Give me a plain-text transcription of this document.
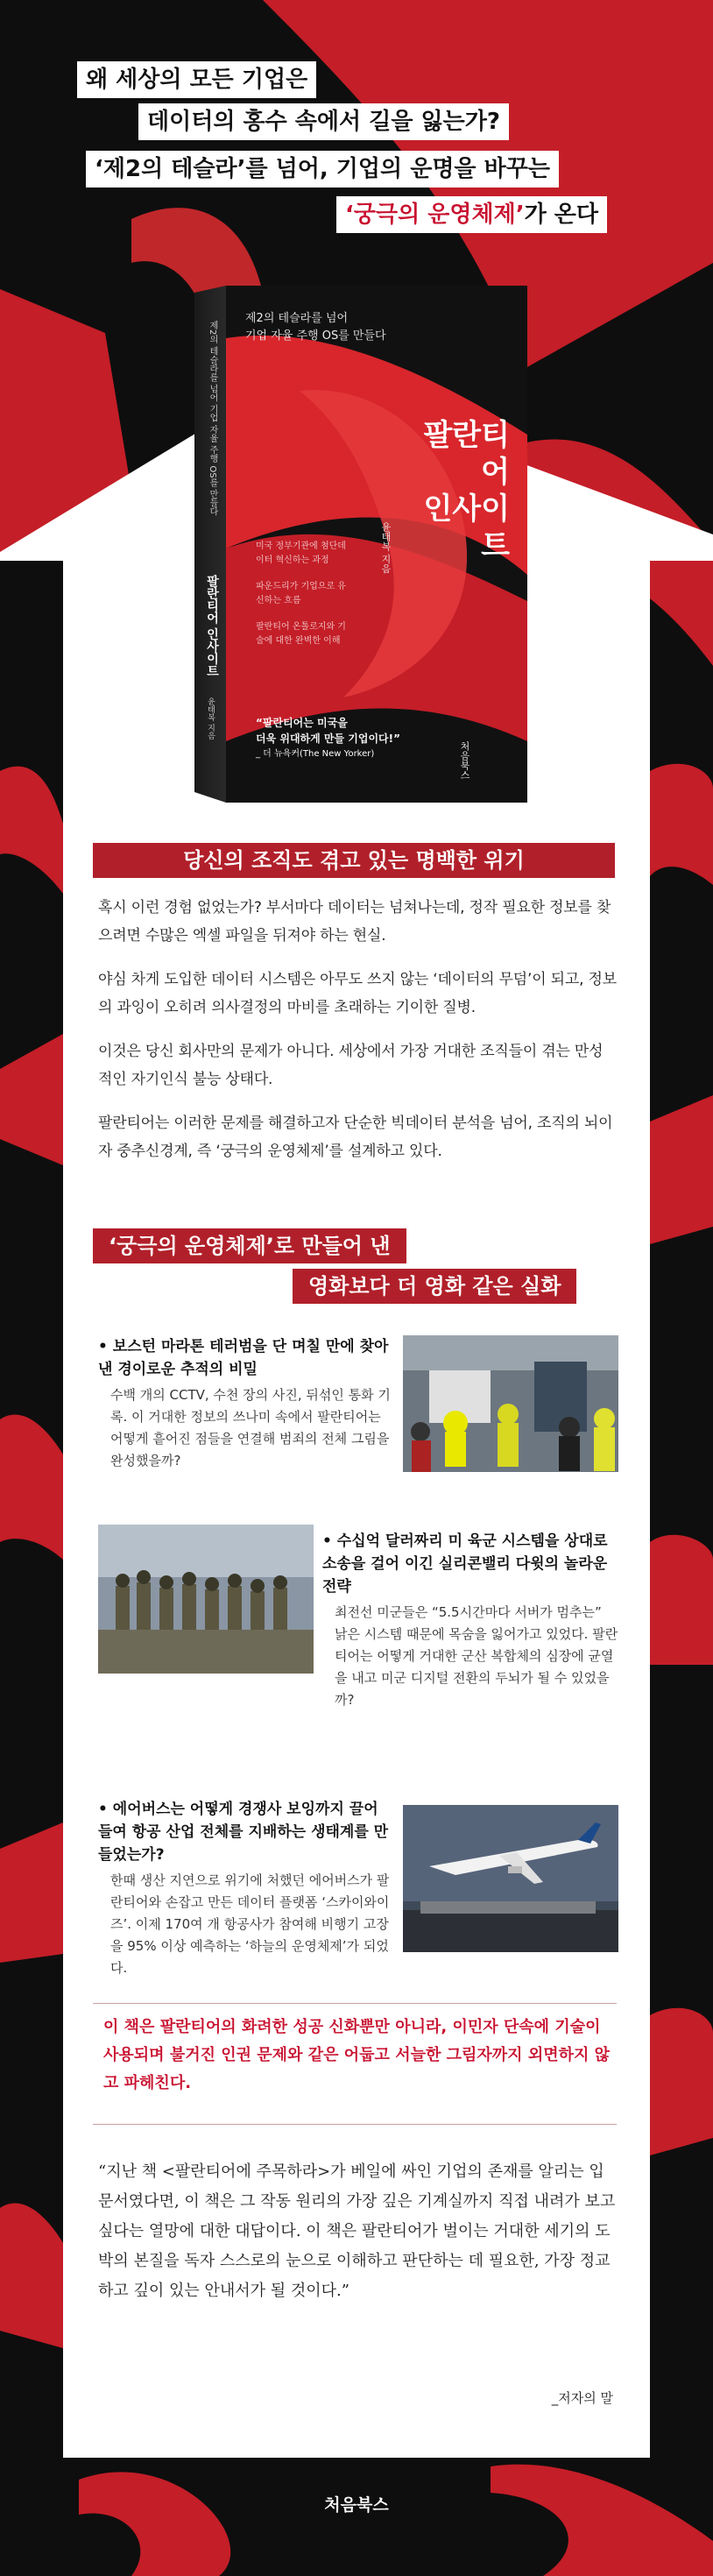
왜 세상의 모든 기업은
데이터의 홍수 속에서 길을 잃는가?
‘제2의 테슬라’를 넘어, 기업의 운명을 바꾸는
‘궁극의 운영체제’가 온다
제2의 테슬라를 넘어
기업 자율 주행 OS를 만들다
팔란티어
인사이트
미국 정부기관에 첨단데이터 혁신하는 과정
파운드리가 기업으로 유신하는 흐름
팔란티어 온톨로지와 기술에 대한 완벽한 이해
윤태복 지음
“팔란티어는 미국을
더욱 위대하게 만들 기업이다!”
_ 더 뉴욕커(The New Yorker)	처음북스
제2의 테슬라를 넘어 기업 자율 주행 OS를 만들다
팔란티어 인사이트
윤태복 지음
당신의 조직도 겪고 있는 명백한 위기

혹시 이런 경험 없었는가? 부서마다 데이터는 넘쳐나는데, 정작 필요한 정보를 찾으려면 수많은 엑셀 파일을 뒤져야 하는 현실.

야심 차게 도입한 데이터 시스템은 아무도 쓰지 않는 ‘데이터의 무덤’이 되고, 정보의 과잉이 오히려 의사결정의 마비를 초래하는 기이한 질병.

이것은 당신 회사만의 문제가 아니다. 세상에서 가장 거대한 조직들이 겪는 만성적인 자기인식 불능 상태다.

팔란티어는 이러한 문제를 해결하고자 단순한 빅데이터 분석을 넘어, 조직의 뇌이자 중추신경계, 즉 ‘궁극의 운영체제’를 설계하고 있다.

‘궁극의 운영체제’로 만들어 낸
영화보다 더 영화 같은 실화
• 보스턴 마라톤 테러범을 단 며칠 만에 찾아낸 경이로운 추적의 비밀
수백 개의 CCTV, 수천 장의 사진, 뒤섞인 통화 기록. 이 거대한 정보의 쓰나미 속에서 팔란티어는 어떻게 흩어진 점들을 연결해 범죄의 전체 그림을 완성했을까?
• 수십억 달러짜리 미 육군 시스템을 상대로 소송을 걸어 이긴 실리콘밸리 다윗의 놀라운 전략
최전선 미군들은 “5.5시간마다 서버가 멈추는” 낡은 시스템 때문에 목숨을 잃어가고 있었다. 팔란티어는 어떻게 거대한 군산 복합체의 심장에 균열을 내고 미군 디지털 전환의 두뇌가 될 수 있었을까?
• 에어버스는 어떻게 경쟁사 보잉까지 끌어들여 항공 산업 전체를 지배하는 생태계를 만들었는가?
한때 생산 지연으로 위기에 처했던 에어버스가 팔란티어와 손잡고 만든 데이터 플랫폼 ‘스카이와이즈’. 이제 170여 개 항공사가 참여해 비행기 고장을 95% 이상 예측하는 ‘하늘의 운영체제’가 되었다.
이 책은 팔란티어의 화려한 성공 신화뿐만 아니라, 이민자 단속에 기술이 사용되며 불거진 인권 문제와 같은 어둡고 서늘한 그림자까지 외면하지 않고 파헤친다.
“지난 책 <팔란티어에 주목하라>가 베일에 싸인 기업의 존재를 알리는 입문서였다면, 이 책은 그 작동 원리의 가장 깊은 기계실까지 직접 내려가 보고 싶다는 열망에 대한 대답이다. 이 책은 팔란티어가 벌이는 거대한 세기의 도박의 본질을 독자 스스로의 눈으로 이해하고 판단하는 데 필요한, 가장 정교하고 깊이 있는 안내서가 될 것이다.”
_저자의 말
처음북스
